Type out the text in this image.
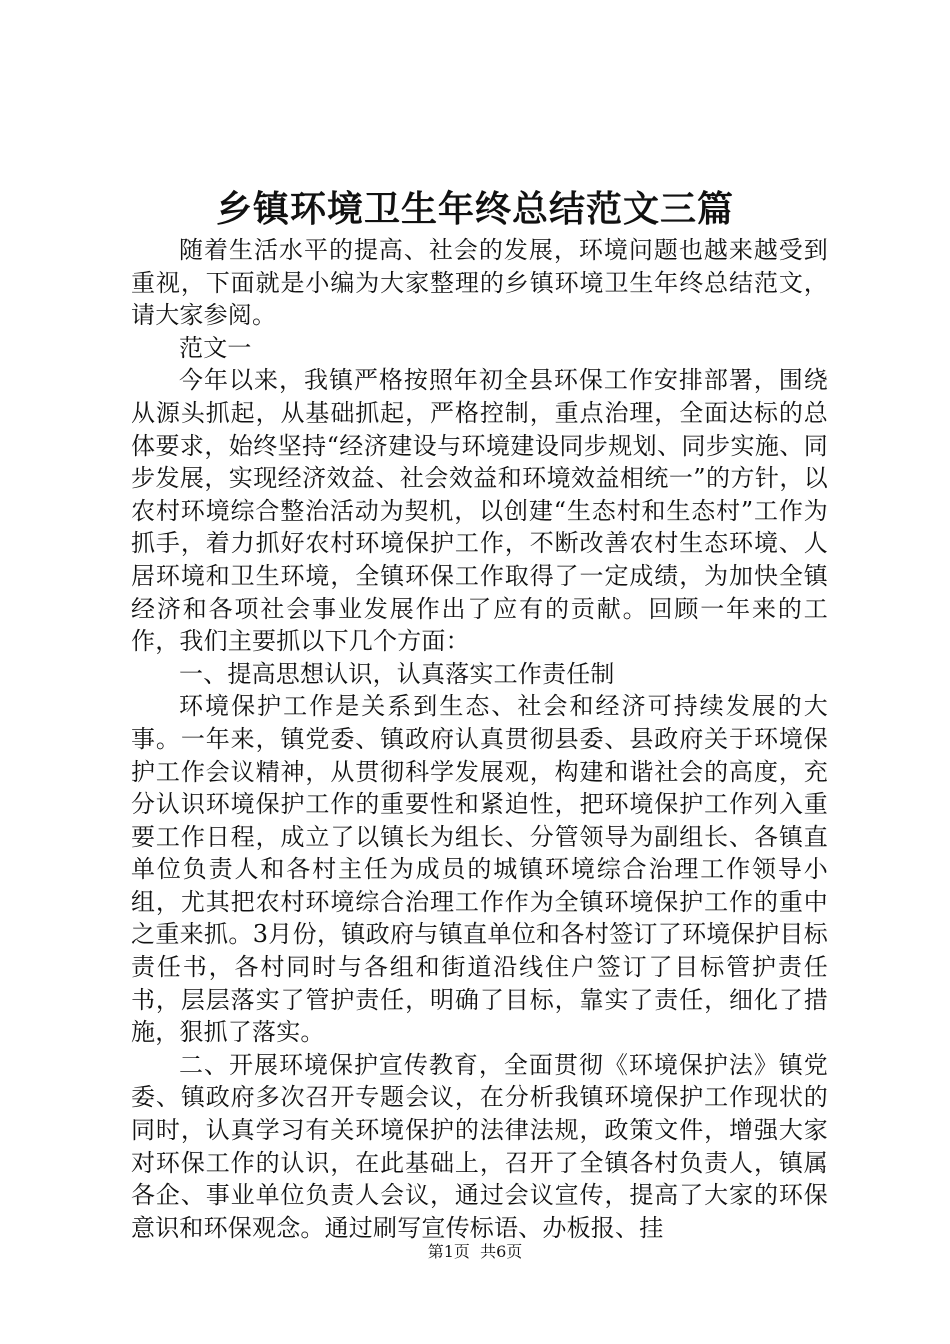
乡镇环境卫生年终总结范文三篇

随着生活水平的提高、社会的发展，环境问题也越来越受到重视，下面就是小编为大家整理的乡镇环境卫生年终总结范文，请大家参阅。

范文一

今年以来，我镇严格按照年初全县环保工作安排部署，围绕从源头抓起，从基础抓起，严格控制，重点治理，全面达标的总体要求，始终坚持“经济建设与环境建设同步规划、同步实施、同步发展，实现经济效益、社会效益和环境效益相统一”的方针，以农村环境综合整治活动为契机，以创建“生态村和生态村”工作为抓手，着力抓好农村环境保护工作，不断改善农村生态环境、人居环境和卫生环境，全镇环保工作取得了一定成绩，为加快全镇经济和各项社会事业发展作出了应有的贡献。回顾一年来的工作，我们主要抓以下几个方面：

一、提高思想认识，认真落实工作责任制

环境保护工作是关系到生态、社会和经济可持续发展的大事。一年来，镇党委、镇政府认真贯彻县委、县政府关于环境保护工作会议精神，从贯彻科学发展观，构建和谐社会的高度，充分认识环境保护工作的重要性和紧迫性，把环境保护工作列入重要工作日程，成立了以镇长为组长、分管领导为副组长、各镇直单位负责人和各村主任为成员的城镇环境综合治理工作领导小组，尤其把农村环境综合治理工作作为全镇环境保护工作的重中之重来抓。3月份，镇政府与镇直单位和各村签订了环境保护目标责任书，各村同时与各组和街道沿线住户签订了目标管护责任书，层层落实了管护责任，明确了目标，靠实了责任，细化了措施，狠抓了落实。

二、开展环境保护宣传教育，全面贯彻《环境保护法》镇党委、镇政府多次召开专题会议，在分析我镇环境保护工作现状的同时，认真学习有关环境保护的法律法规，政策文件，增强大家对环保工作的认识，在此基础上，召开了全镇各村负责人，镇属各企、事业单位负责人会议，通过会议宣传，提高了大家的环保意识和环保观念。通过刷写宣传标语、办板报、挂

第1页  共6页
